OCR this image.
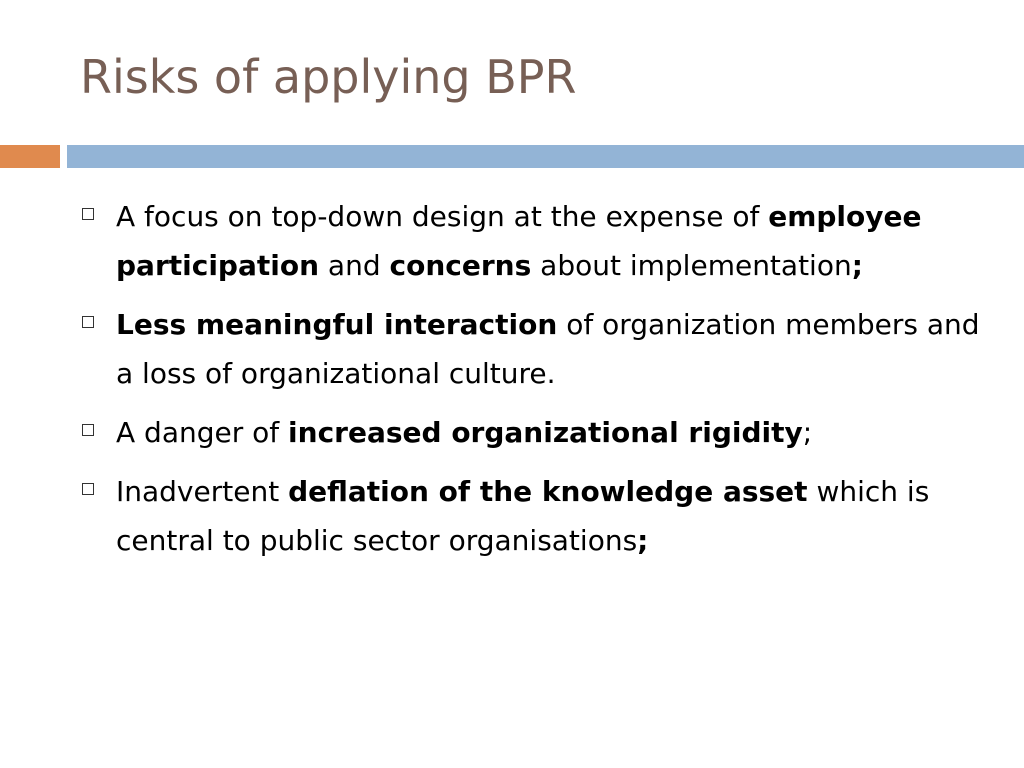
Risks of applying BPR
A focus on top-down design at the expense of employee participation and concerns about implementation;
Less meaningful interaction of organization members and a loss of organizational culture.
A danger of increased organizational rigidity;
Inadvertent deflation of the knowledge asset which is central to public sector organisations;
